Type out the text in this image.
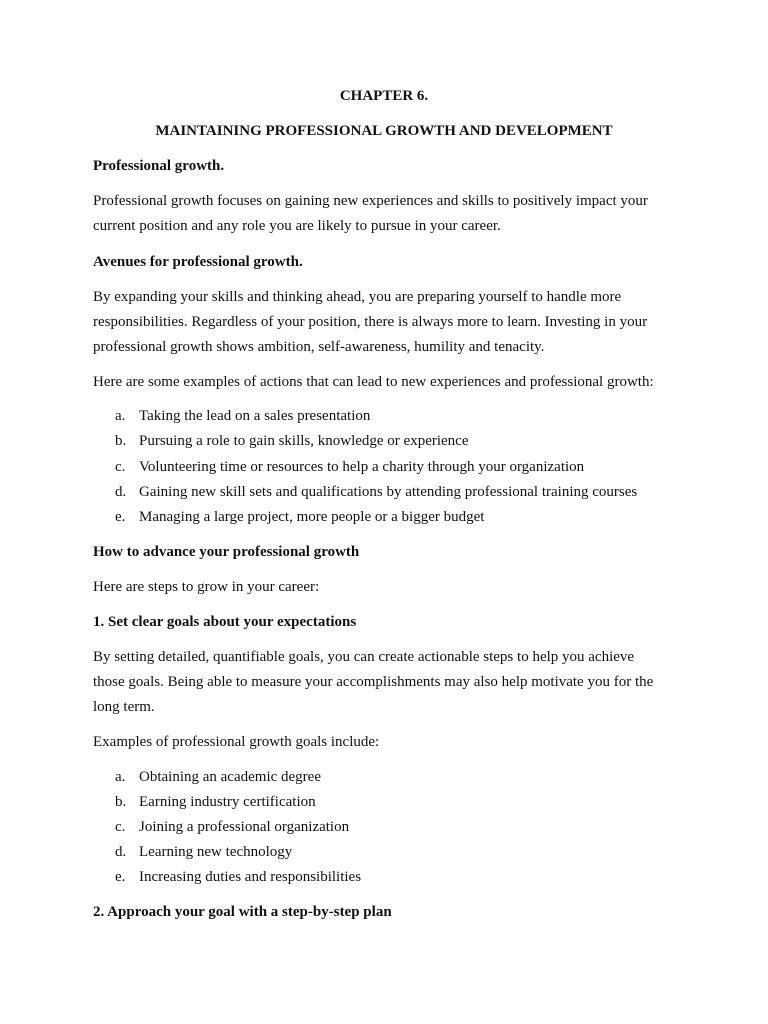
CHAPTER 6.

MAINTAINING PROFESSIONAL GROWTH AND DEVELOPMENT

Professional growth.

Professional growth focuses on gaining new experiences and skills to positively impact your

current position and any role you are likely to pursue in your career.

Avenues for professional growth.

By expanding your skills and thinking ahead, you are preparing yourself to handle more

responsibilities. Regardless of your position, there is always more to learn. Investing in your

professional growth shows ambition, self-awareness, humility and tenacity.

Here are some examples of actions that can lead to new experiences and professional growth:

a. Taking the lead on a sales presentation
b. Pursuing a role to gain skills, knowledge or experience
c. Volunteering time or resources to help a charity through your organization
d. Gaining new skill sets and qualifications by attending professional training courses
e. Managing a large project, more people or a bigger budget

How to advance your professional growth

Here are steps to grow in your career:

1. Set clear goals about your expectations

By setting detailed, quantifiable goals, you can create actionable steps to help you achieve

those goals. Being able to measure your accomplishments may also help motivate you for the

long term.

Examples of professional growth goals include:

a. Obtaining an academic degree
b. Earning industry certification
c. Joining a professional organization
d. Learning new technology
e. Increasing duties and responsibilities

2. Approach your goal with a step-by-step plan
